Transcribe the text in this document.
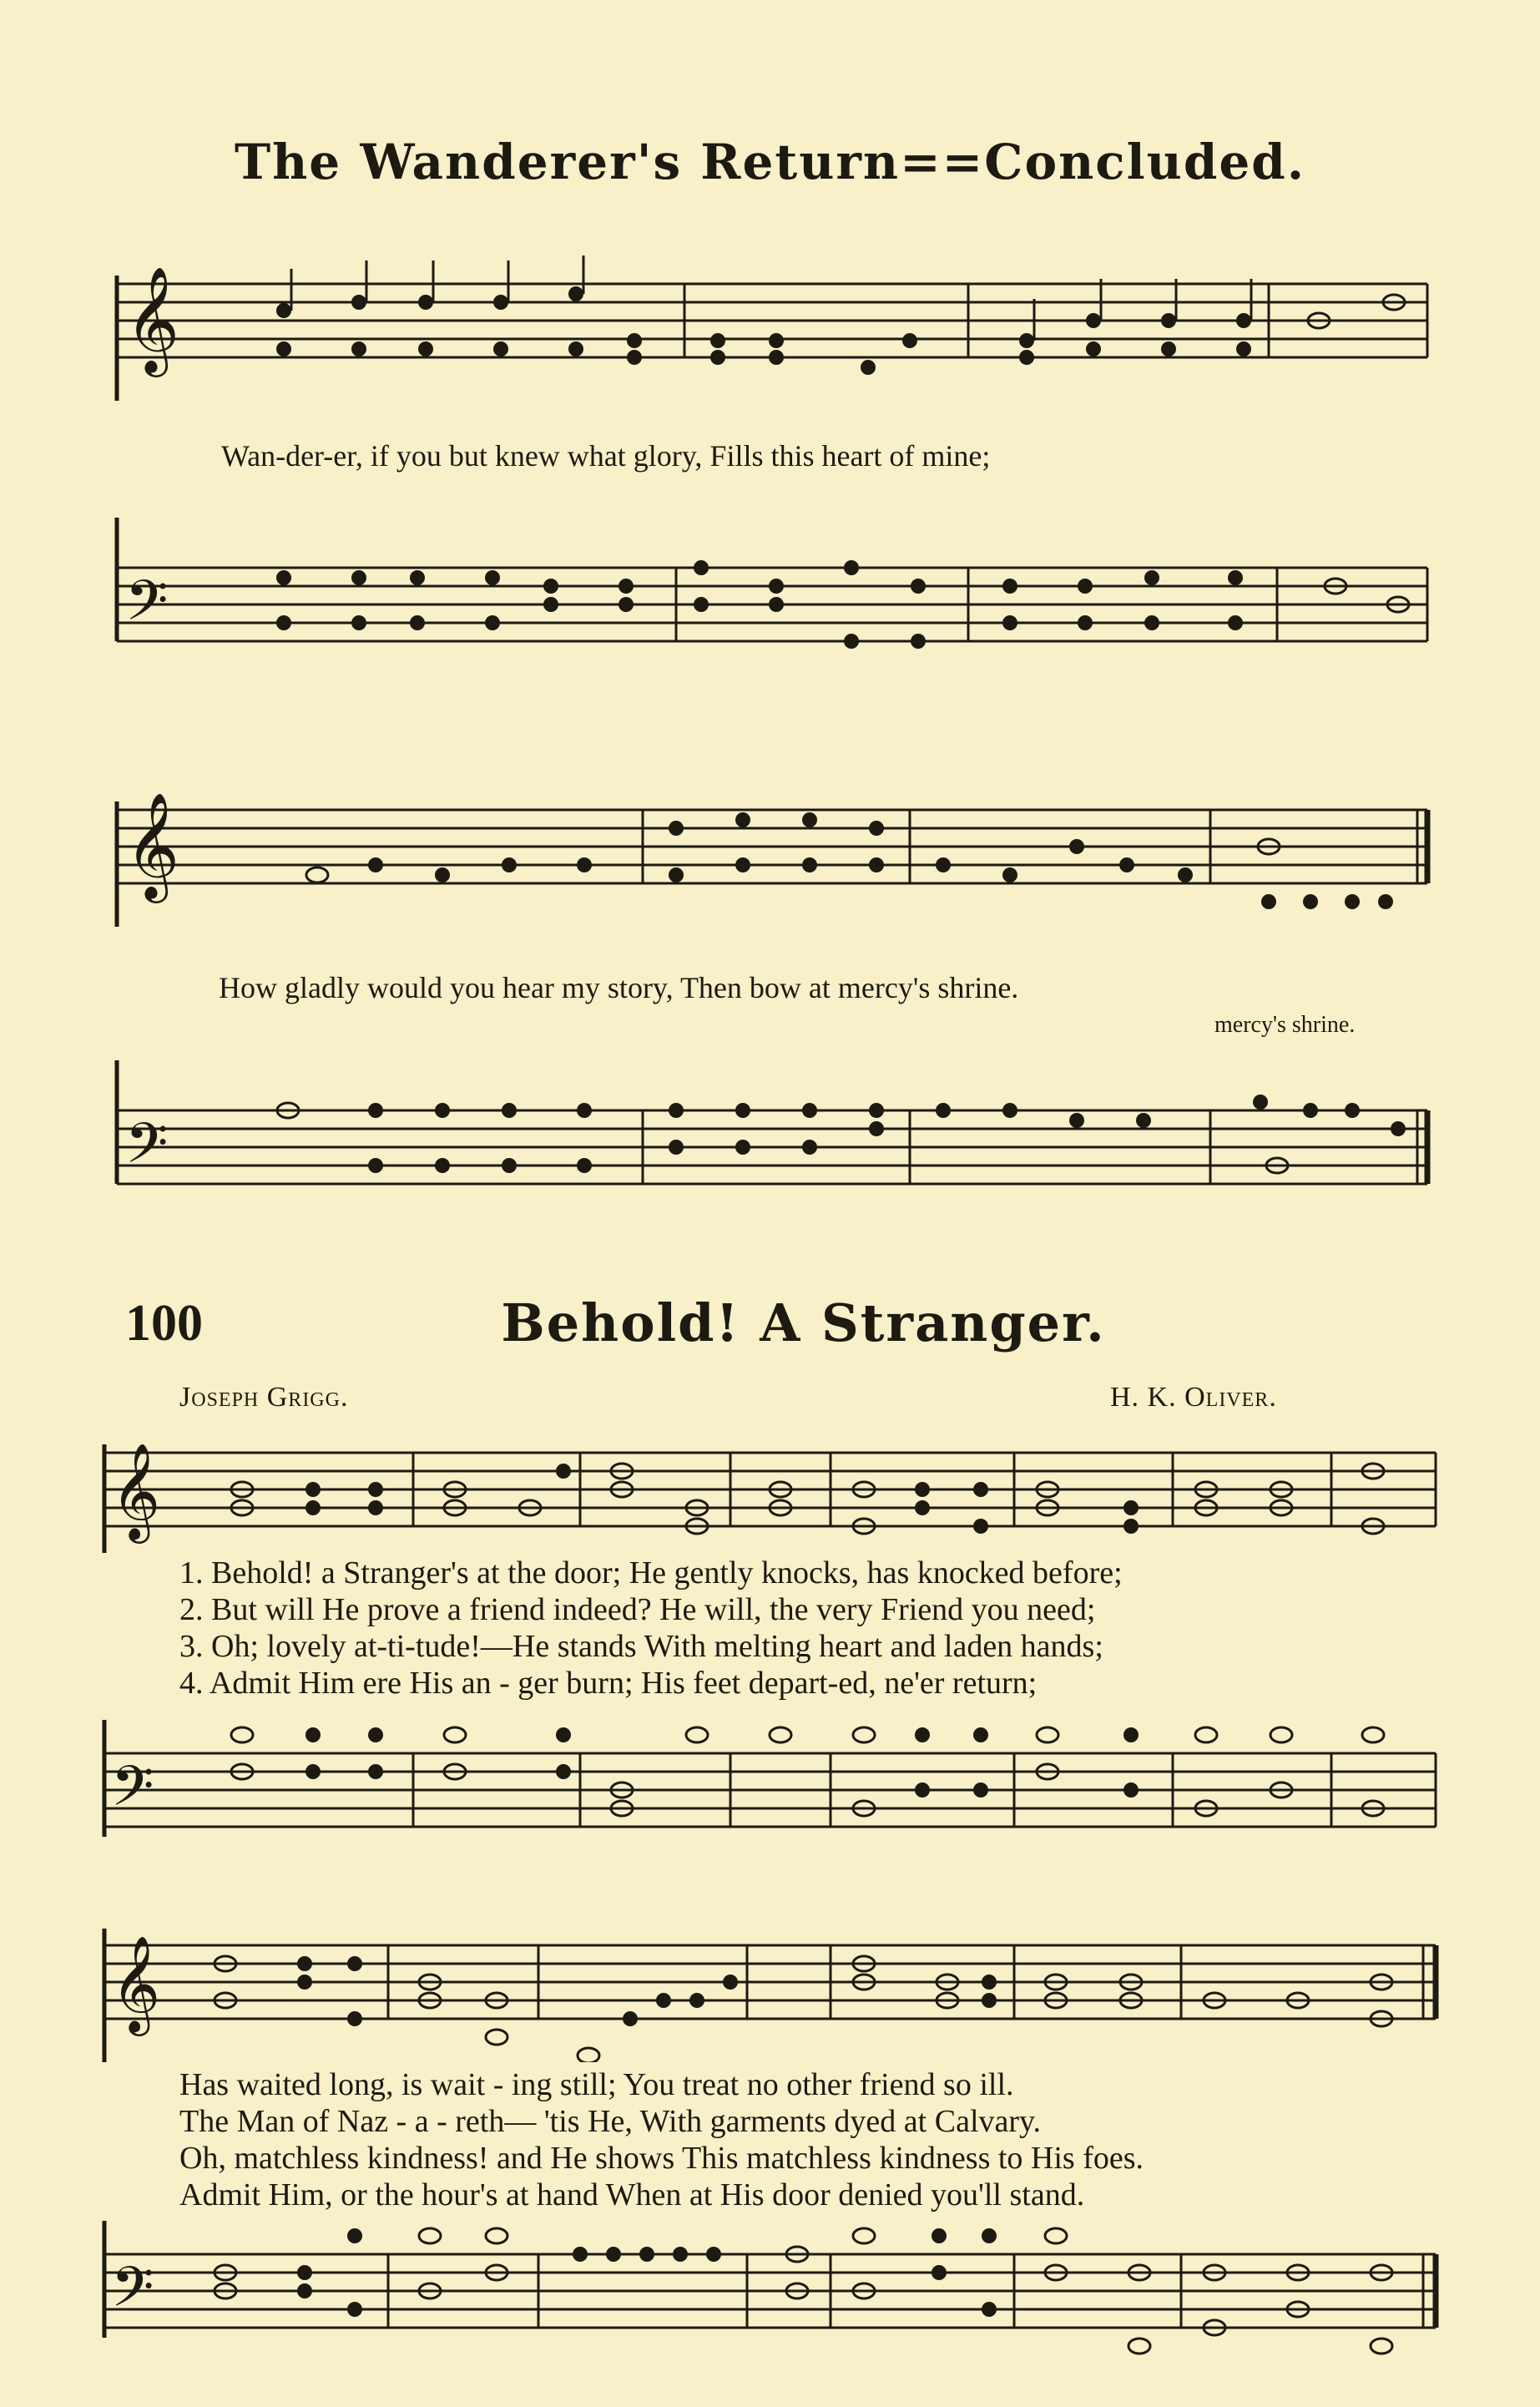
The Wanderer's Return==Concluded.
𝄞
Wan-der-er, if you but knew what glory, Fills this heart of mine;
𝄢
𝄞
How gladly would you hear my story, Then bow at mercy's shrine.
mercy's shrine.
𝄢
100	Behold! A Stranger.
Joseph Grigg.	H. K. Oliver.
𝄞
1. Behold! a Stranger's at the door; He gently knocks, has knocked before;
2. But will He prove a friend indeed? He will, the very Friend you need;
3. Oh; lovely at-ti-tude!—He stands With melting heart and laden hands;
4. Admit Him ere His an - ger burn; His feet depart-ed, ne'er return;
𝄢
𝄞
Has waited long, is wait - ing still; You treat no other friend so ill.
The Man of Naz - a - reth— 'tis He, With garments dyed at Calvary.
Oh, matchless kindness! and He shows This matchless kindness to His foes.
Admit Him, or the hour's at hand When at His door denied you'll stand.
𝄢
